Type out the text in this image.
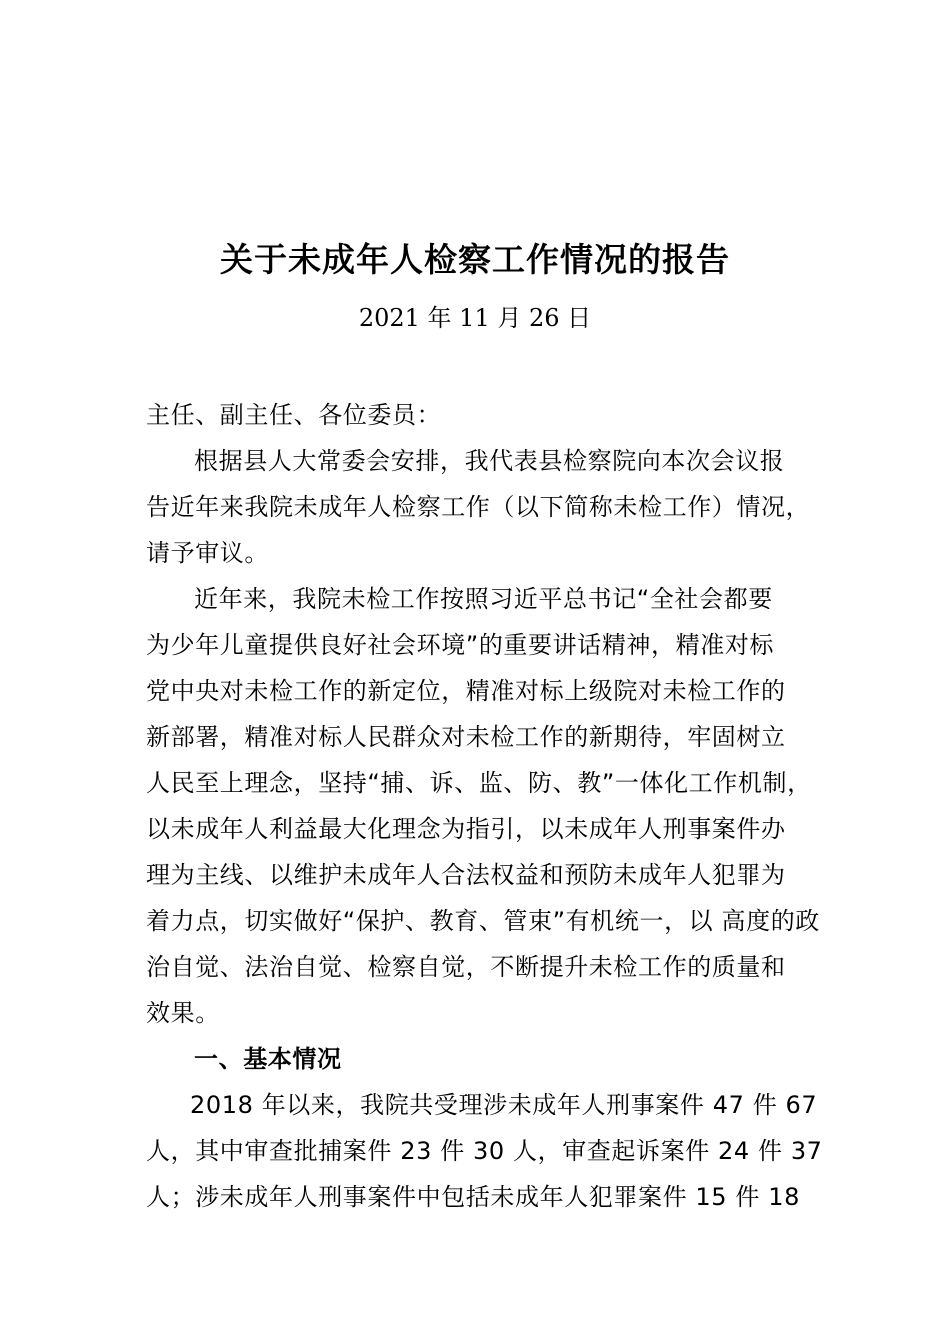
关于未成年人检察工作情况的报告
2021 年 11 月 26 日
主任、副主任、各位委员：
根据县人大常委会安排，我代表县检察院向本次会议报
告近年来我院未成年人检察工作（以下简称未检工作）情况，
请予审议。
近年来，我院未检工作按照习近平总书记“全社会都要
为少年儿童提供良好社会环境”的重要讲话精神，精准对标
党中央对未检工作的新定位，精准对标上级院对未检工作的
新部署，精准对标人民群众对未检工作的新期待，牢固树立
人民至上理念，坚持“捕、诉、监、防、教”一体化工作机制，
以未成年人利益最大化理念为指引，以未成年人刑事案件办
理为主线、以维护未成年人合法权益和预防未成年人犯罪为
着力点，切实做好“保护、教育、管束”有机统一，以 高度的政
治自觉、法治自觉、检察自觉，不断提升未检工作的质量和
效果。
一、基本情况
2018 年以来，我院共受理涉未成年人刑事案件 47 件 67
人，其中审查批捕案件 23 件 30 人，审查起诉案件 24 件 37
人；涉未成年人刑事案件中包括未成年人犯罪案件 15 件 18
